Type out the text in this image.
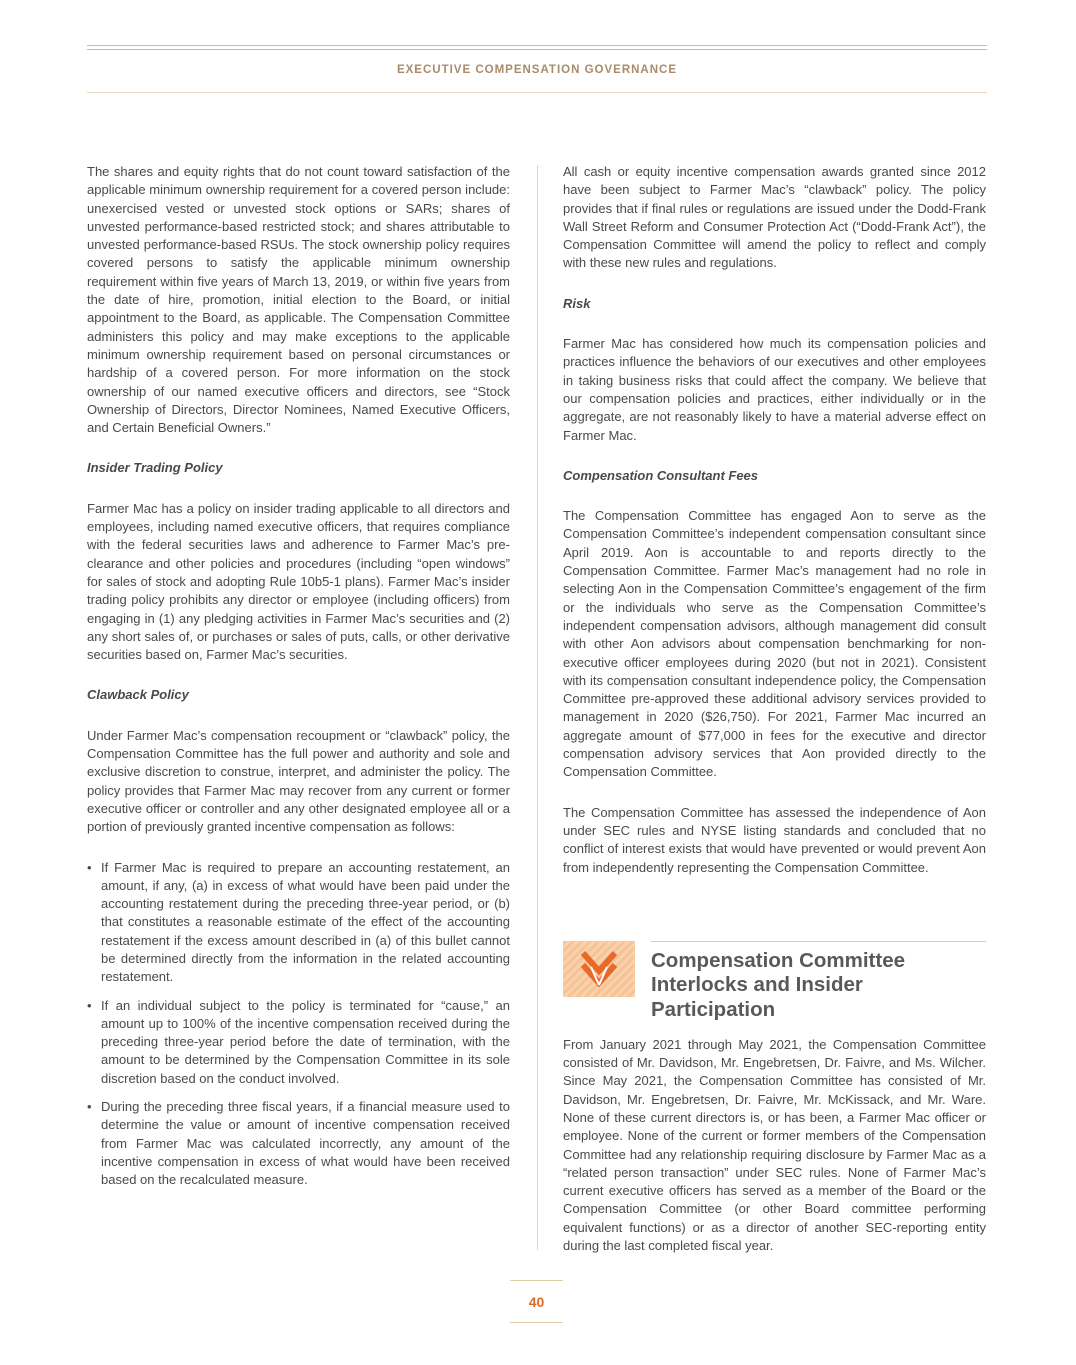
EXECUTIVE COMPENSATION GOVERNANCE

The shares and equity rights that do not count toward satisfaction of the applicable minimum ownership requirement for a covered person include: unexercised vested or unvested stock options or SARs; shares of unvested performance-based restricted stock; and shares attributable to unvested performance-based RSUs. The stock ownership policy requires covered persons to satisfy the applicable minimum ownership requirement within five years of March 13, 2019, or within five years from the date of hire, promotion, initial election to the Board, or initial appointment to the Board, as applicable. The Compensation Committee administers this policy and may make exceptions to the applicable minimum ownership requirement based on personal circumstances or hardship of a covered person. For more information on the stock ownership of our named executive officers and directors, see “Stock Ownership of Directors, Director Nominees, Named Executive Officers, and Certain Beneficial Owners.”

Insider Trading Policy

Farmer Mac has a policy on insider trading applicable to all directors and employees, including named executive officers, that requires compliance with the federal securities laws and adherence to Farmer Mac’s pre-clearance and other policies and procedures (including “open windows” for sales of stock and adopting Rule 10b5-1 plans). Farmer Mac’s insider trading policy prohibits any director or employee (including officers) from engaging in (1) any pledging activities in Farmer Mac’s securities and (2) any short sales of, or purchases or sales of puts, calls, or other derivative securities based on, Farmer Mac’s securities.

Clawback Policy

Under Farmer Mac’s compensation recoupment or “clawback” policy, the Compensation Committee has the full power and authority and sole and exclusive discretion to construe, interpret, and administer the policy. The policy provides that Farmer Mac may recover from any current or former executive officer or controller and any other designated employee all or a portion of previously granted incentive compensation as follows:

• If Farmer Mac is required to prepare an accounting restatement, an amount, if any, (a) in excess of what would have been paid under the accounting restatement during the preceding three-year period, or (b) that constitutes a reasonable estimate of the effect of the accounting restatement if the excess amount described in (a) of this bullet cannot be determined directly from the information in the related accounting restatement.
• If an individual subject to the policy is terminated for “cause,” an amount up to 100% of the incentive compensation received during the preceding three-year period before the date of termination, with the amount to be determined by the Compensation Committee in its sole discretion based on the conduct involved.
• During the preceding three fiscal years, if a financial measure used to determine the value or amount of incentive compensation received from Farmer Mac was calculated incorrectly, any amount of the incentive compensation in excess of what would have been received based on the recalculated measure.

All cash or equity incentive compensation awards granted since 2012 have been subject to Farmer Mac’s “clawback” policy. The policy provides that if final rules or regulations are issued under the Dodd-Frank Wall Street Reform and Consumer Protection Act (“Dodd-Frank Act”), the Compensation Committee will amend the policy to reflect and comply with these new rules and regulations.

Risk

Farmer Mac has considered how much its compensation policies and practices influence the behaviors of our executives and other employees in taking business risks that could affect the company. We believe that our compensation policies and practices, either individually or in the aggregate, are not reasonably likely to have a material adverse effect on Farmer Mac.

Compensation Consultant Fees

The Compensation Committee has engaged Aon to serve as the Compensation Committee’s independent compensation consultant since April 2019. Aon is accountable to and reports directly to the Compensation Committee. Farmer Mac’s management had no role in selecting Aon in the Compensation Committee’s engagement of the firm or the individuals who serve as the Compensation Committee’s independent compensation advisors, although management did consult with other Aon advisors about compensation benchmarking for non-executive officer employees during 2020 (but not in 2021). Consistent with its compensation consultant independence policy, the Compensation Committee pre-approved these additional advisory services provided to management in 2020 ($26,750). For 2021, Farmer Mac incurred an aggregate amount of $77,000 in fees for the executive and director compensation advisory services that Aon provided directly to the Compensation Committee.

The Compensation Committee has assessed the independence of Aon under SEC rules and NYSE listing standards and concluded that no conflict of interest exists that would have prevented or would prevent Aon from independently representing the Compensation Committee.

Compensation Committee Interlocks and Insider Participation

From January 2021 through May 2021, the Compensation Committee consisted of Mr. Davidson, Mr. Engebretsen, Dr. Faivre, and Ms. Wilcher. Since May 2021, the Compensation Committee has consisted of Mr. Davidson, Mr. Engebretsen, Dr. Faivre, Mr. McKissack, and Mr. Ware. None of these current directors is, or has been, a Farmer Mac officer or employee. None of the current or former members of the Compensation Committee had any relationship requiring disclosure by Farmer Mac as a “related person transaction” under SEC rules. None of Farmer Mac’s current executive officers has served as a member of the Board or the Compensation Committee (or other Board committee performing equivalent functions) or as a director of another SEC-reporting entity during the last completed fiscal year.

40
